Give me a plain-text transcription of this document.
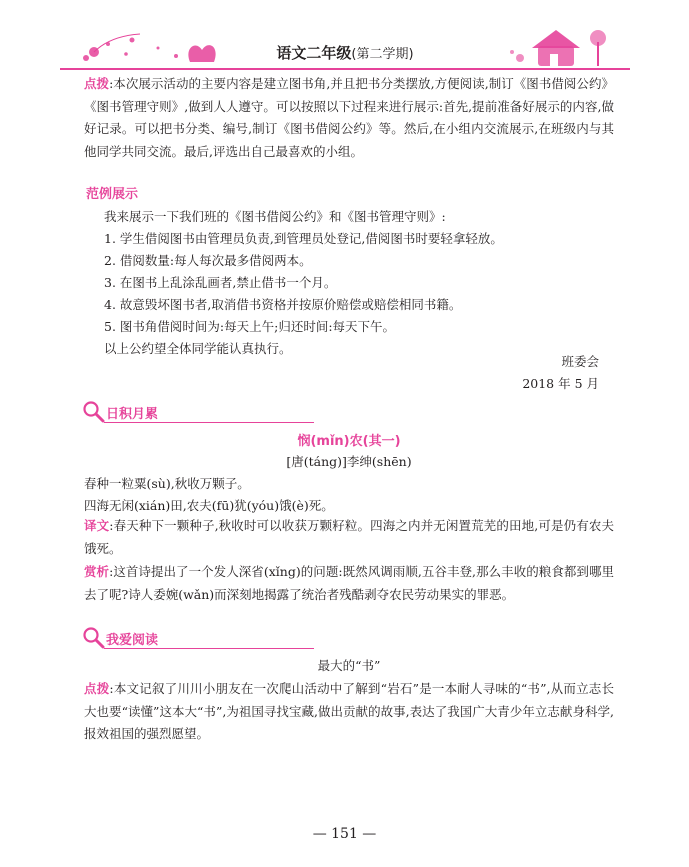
语文二年级(第二学期)
点拨:本次展示活动的主要内容是建立图书角,并且把书分类摆放,方便阅读,制订《图书借阅公约》《图书管理守则》,做到人人遵守。可以按照以下过程来进行展示:首先,提前准备好展示的内容,做好记录。可以把书分类、编号,制订《图书借阅公约》等。然后,在小组内交流展示,在班级内与其他同学共同交流。最后,评选出自己最喜欢的小组。
范例展示
我来展示一下我们班的《图书借阅公约》和《图书管理守则》:
1. 学生借阅图书由管理员负责,到管理员处登记,借阅图书时要轻拿轻放。
2. 借阅数量:每人每次最多借阅两本。
3. 在图书上乱涂乱画者,禁止借书一个月。
4. 故意毁坏图书者,取消借书资格并按原价赔偿或赔偿相同书籍。
5. 图书角借阅时间为:每天上午;归还时间:每天下午。
以上公约望全体同学能认真执行。
班委会
2018 年 5 月
日积月累
悯(mǐn)农(其一)
[唐(táng)]李绅(shēn)
春种一粒粟(sù),秋收万颗子。
四海无闲(xián)田,农夫(fū)犹(yóu)饿(è)死。
译文:春天种下一颗种子,秋收时可以收获万颗籽粒。四海之内并无闲置荒芜的田地,可是仍有农夫饿死。
赏析:这首诗提出了一个发人深省(xǐng)的问题:既然风调雨顺,五谷丰登,那么丰收的粮食都到哪里去了呢?诗人委婉(wǎn)而深刻地揭露了统治者残酷剥夺农民劳动果实的罪恶。
我爱阅读
最大的“书”
点拨:本文记叙了川川小朋友在一次爬山活动中了解到“岩石”是一本耐人寻味的“书”,从而立志长大也要“读懂”这本大“书”,为祖国寻找宝藏,做出贡献的故事,表达了我国广大青少年立志献身科学,报效祖国的强烈愿望。
— 151 —
